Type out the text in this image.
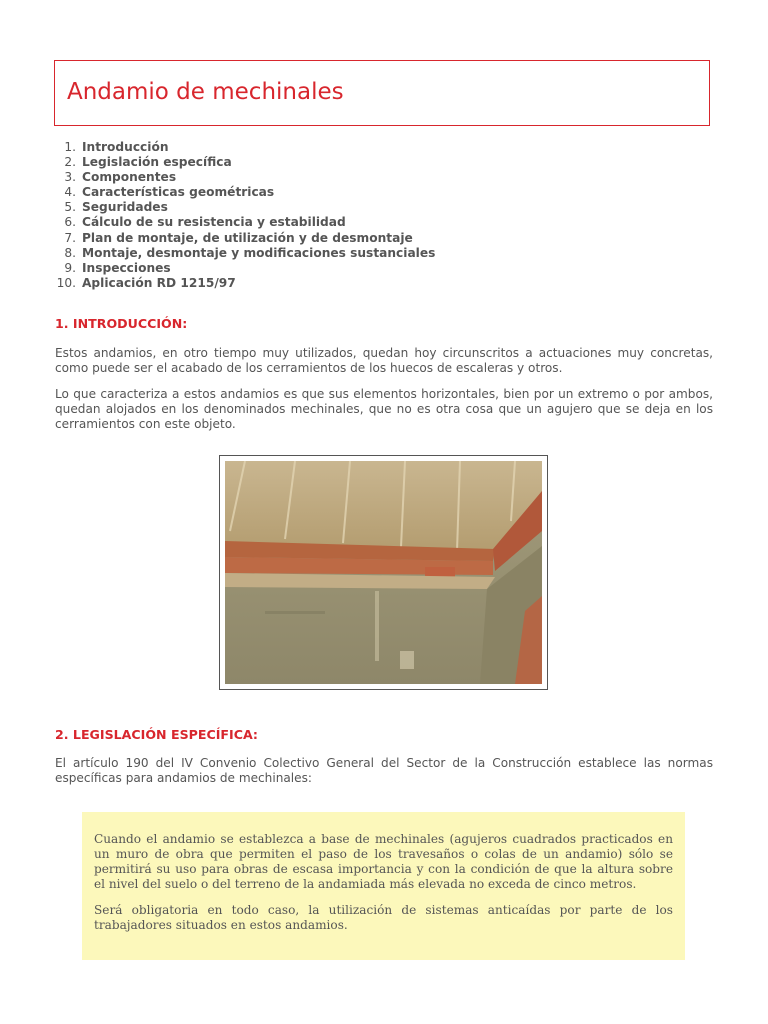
Andamio de mechinales
1. Introducción
2. Legislación específica
3. Componentes
4. Características geométricas
5. Seguridades
6. Cálculo de su resistencia y estabilidad
7. Plan de montaje, de utilización y de desmontaje
8. Montaje, desmontaje y modificaciones sustanciales
9. Inspecciones
10. Aplicación RD 1215/97
1. INTRODUCCIÓN:

Estos andamios, en otro tiempo muy utilizados, quedan hoy circunscritos a actuaciones muy concretas, como puede ser el acabado de los cerramientos de los huecos de escaleras y otros.

Lo que caracteriza a estos andamios es que sus elementos horizontales, bien por un extremo o por ambos, quedan alojados en los denominados mechinales, que no es otra cosa que un agujero que se deja en los cerramientos con este objeto.

2. LEGISLACIÓN ESPECÍFICA:

El artículo 190 del IV Convenio Colectivo General del Sector de la Construcción establece las normas específicas para andamios de mechinales:

Cuando el andamio se establezca a base de mechinales (agujeros cuadrados practicados en un muro de obra que permiten el paso de los travesaños o colas de un andamio) sólo se permitirá su uso para obras de escasa importancia y con la condición de que la altura sobre el nivel del suelo o del terreno de la andamiada más elevada no exceda de cinco metros.

Será obligatoria en todo caso, la utilización de sistemas anticaídas por parte de los trabajadores situados en estos andamios.
